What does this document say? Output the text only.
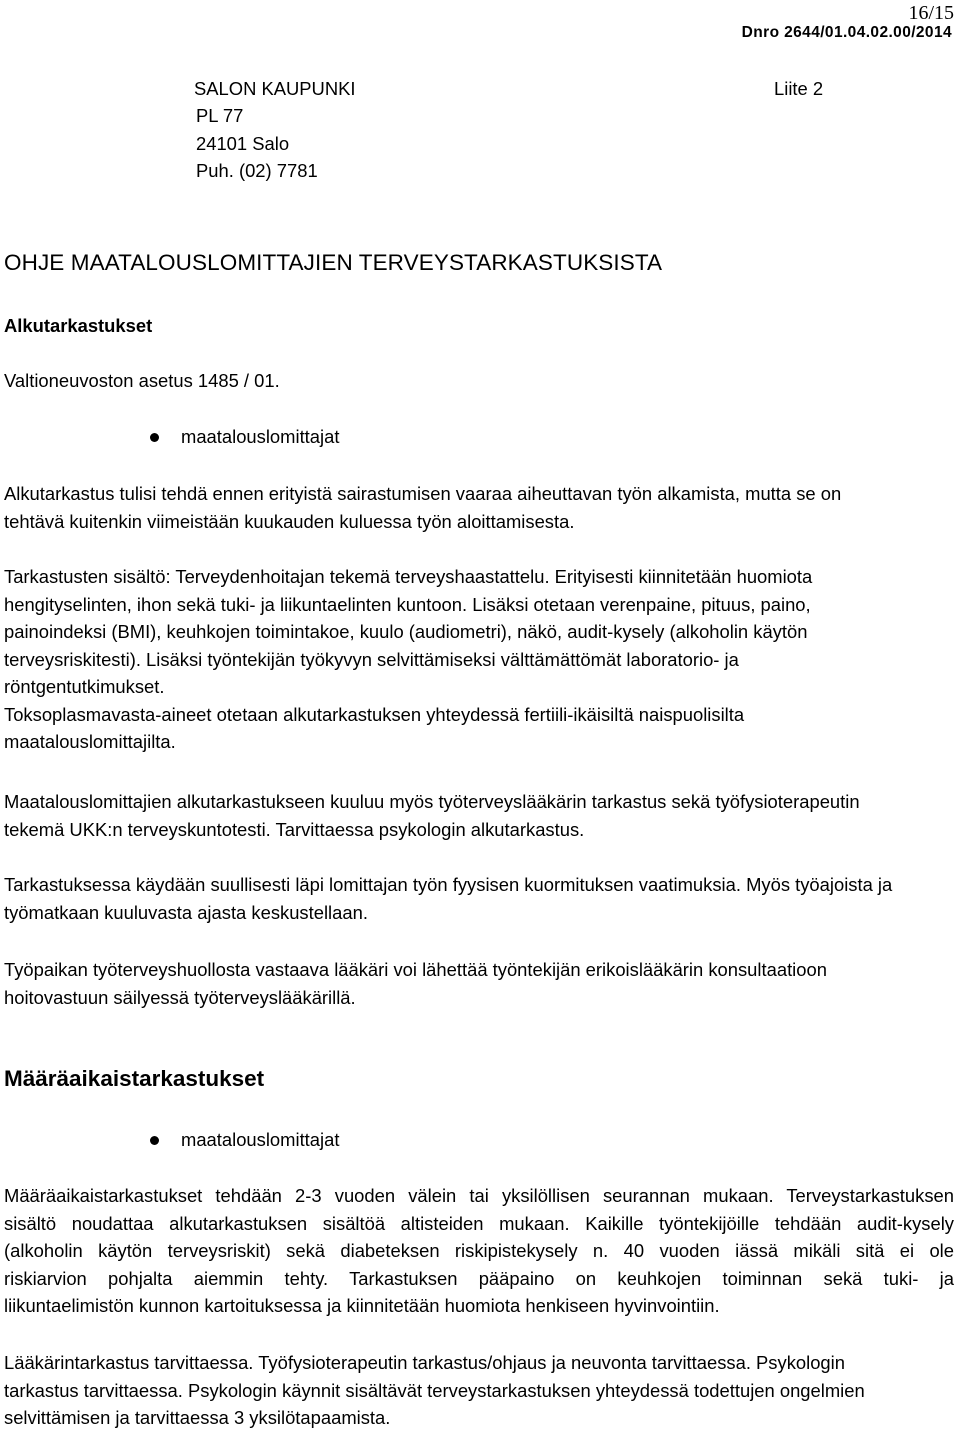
16/15
Dnro 2644/01.04.02.00/2014
SALON KAUPUNKI
PL 77
24101 Salo
Puh. (02) 7781
Liite 2
OHJE MAATALOUSLOMITTAJIEN TERVEYSTARKASTUKSISTA
Alkutarkastukset
Valtioneuvoston asetus 1485 / 01.
maatalouslomittajat
Alkutarkastus tulisi tehdä ennen erityistä sairastumisen vaaraa aiheuttavan työn alkamista, mutta se on
tehtävä kuitenkin viimeistään kuukauden kuluessa työn aloittamisesta.
Tarkastusten sisältö: Terveydenhoitajan tekemä terveyshaastattelu. Erityisesti kiinnitetään huomiota
hengityselinten, ihon sekä tuki- ja liikuntaelinten kuntoon. Lisäksi otetaan verenpaine, pituus, paino,
painoindeksi (BMI), keuhkojen toimintakoe, kuulo (audiometri), näkö, audit-kysely (alkoholin käytön
terveysriskitesti). Lisäksi työntekijän työkyvyn selvittämiseksi välttämättömät laboratorio- ja
röntgentutkimukset.
Toksoplasmavasta-aineet otetaan alkutarkastuksen yhteydessä fertiili-ikäisiltä naispuolisilta
maatalouslomittajilta.
Maatalouslomittajien alkutarkastukseen kuuluu myös työterveyslääkärin tarkastus sekä työfysioterapeutin
tekemä UKK:n terveyskuntotesti. Tarvittaessa psykologin alkutarkastus.
Tarkastuksessa käydään suullisesti läpi lomittajan työn fyysisen kuormituksen vaatimuksia. Myös työajoista ja
työmatkaan kuuluvasta ajasta keskustellaan.
Työpaikan työterveyshuollosta vastaava lääkäri voi lähettää työntekijän erikoislääkärin konsultaatioon
hoitovastuun säilyessä työterveyslääkärillä.
Määräaikaistarkastukset
maatalouslomittajat
Määräaikaistarkastukset tehdään 2-3 vuoden välein tai yksilöllisen seurannan mukaan. Terveystarkastuksen
sisältö noudattaa alkutarkastuksen sisältöä altisteiden mukaan. Kaikille työntekijöille tehdään audit-kysely
(alkoholin käytön terveysriskit) sekä diabeteksen riskipistekysely n. 40 vuoden iässä mikäli sitä ei ole
riskiarvion pohjalta aiemmin tehty. Tarkastuksen pääpaino on keuhkojen toiminnan sekä tuki- ja
liikuntaelimistön kunnon kartoituksessa ja kiinnitetään huomiota henkiseen hyvinvointiin.
Lääkärintarkastus tarvittaessa. Työfysioterapeutin tarkastus/ohjaus ja neuvonta tarvittaessa. Psykologin
tarkastus tarvittaessa. Psykologin käynnit sisältävät terveystarkastuksen yhteydessä todettujen ongelmien
selvittämisen ja tarvittaessa 3 yksilötapaamista.
